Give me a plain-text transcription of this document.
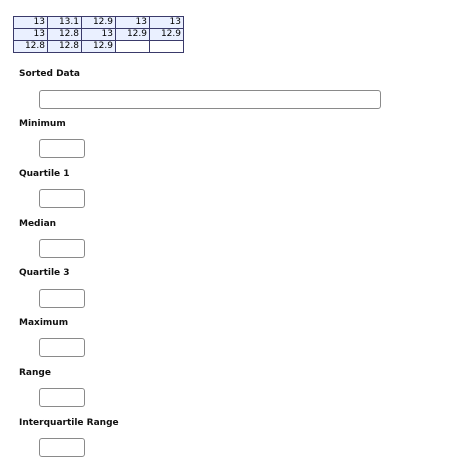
13	13.1	12.9	13	13
13	12.8	13	12.9	12.9
12.8	12.8	12.9		
Sorted Data
Minimum
Quartile 1
Median
Quartile 3
Maximum
Range
Interquartile Range
